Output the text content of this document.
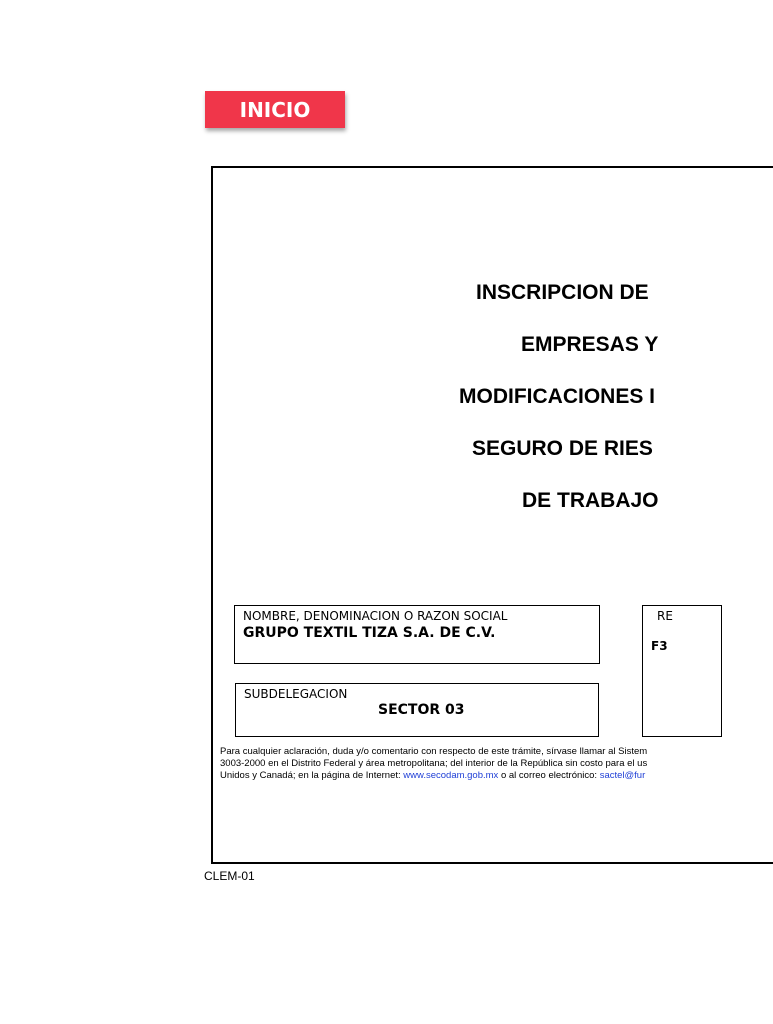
INICIO
INSCRIPCION DE
EMPRESAS Y
MODIFICACIONES I
SEGURO DE RIES
DE TRABAJO
NOMBRE, DENOMINACION O RAZON SOCIAL
GRUPO TEXTIL TIZA S.A. DE C.V.
SUBDELEGACION
SECTOR 03
RE
F3
Para cualquier aclaración, duda y/o comentario con respecto de este trámite, sírvase llamar al Sistem
3003-2000 en el Distrito Federal y área metropolitana; del interior de la República sin costo para el us
Unidos y Canadá; en la página de Internet: www.secodam.gob.mx o al correo electrónico: sactel@fur
CLEM-01
